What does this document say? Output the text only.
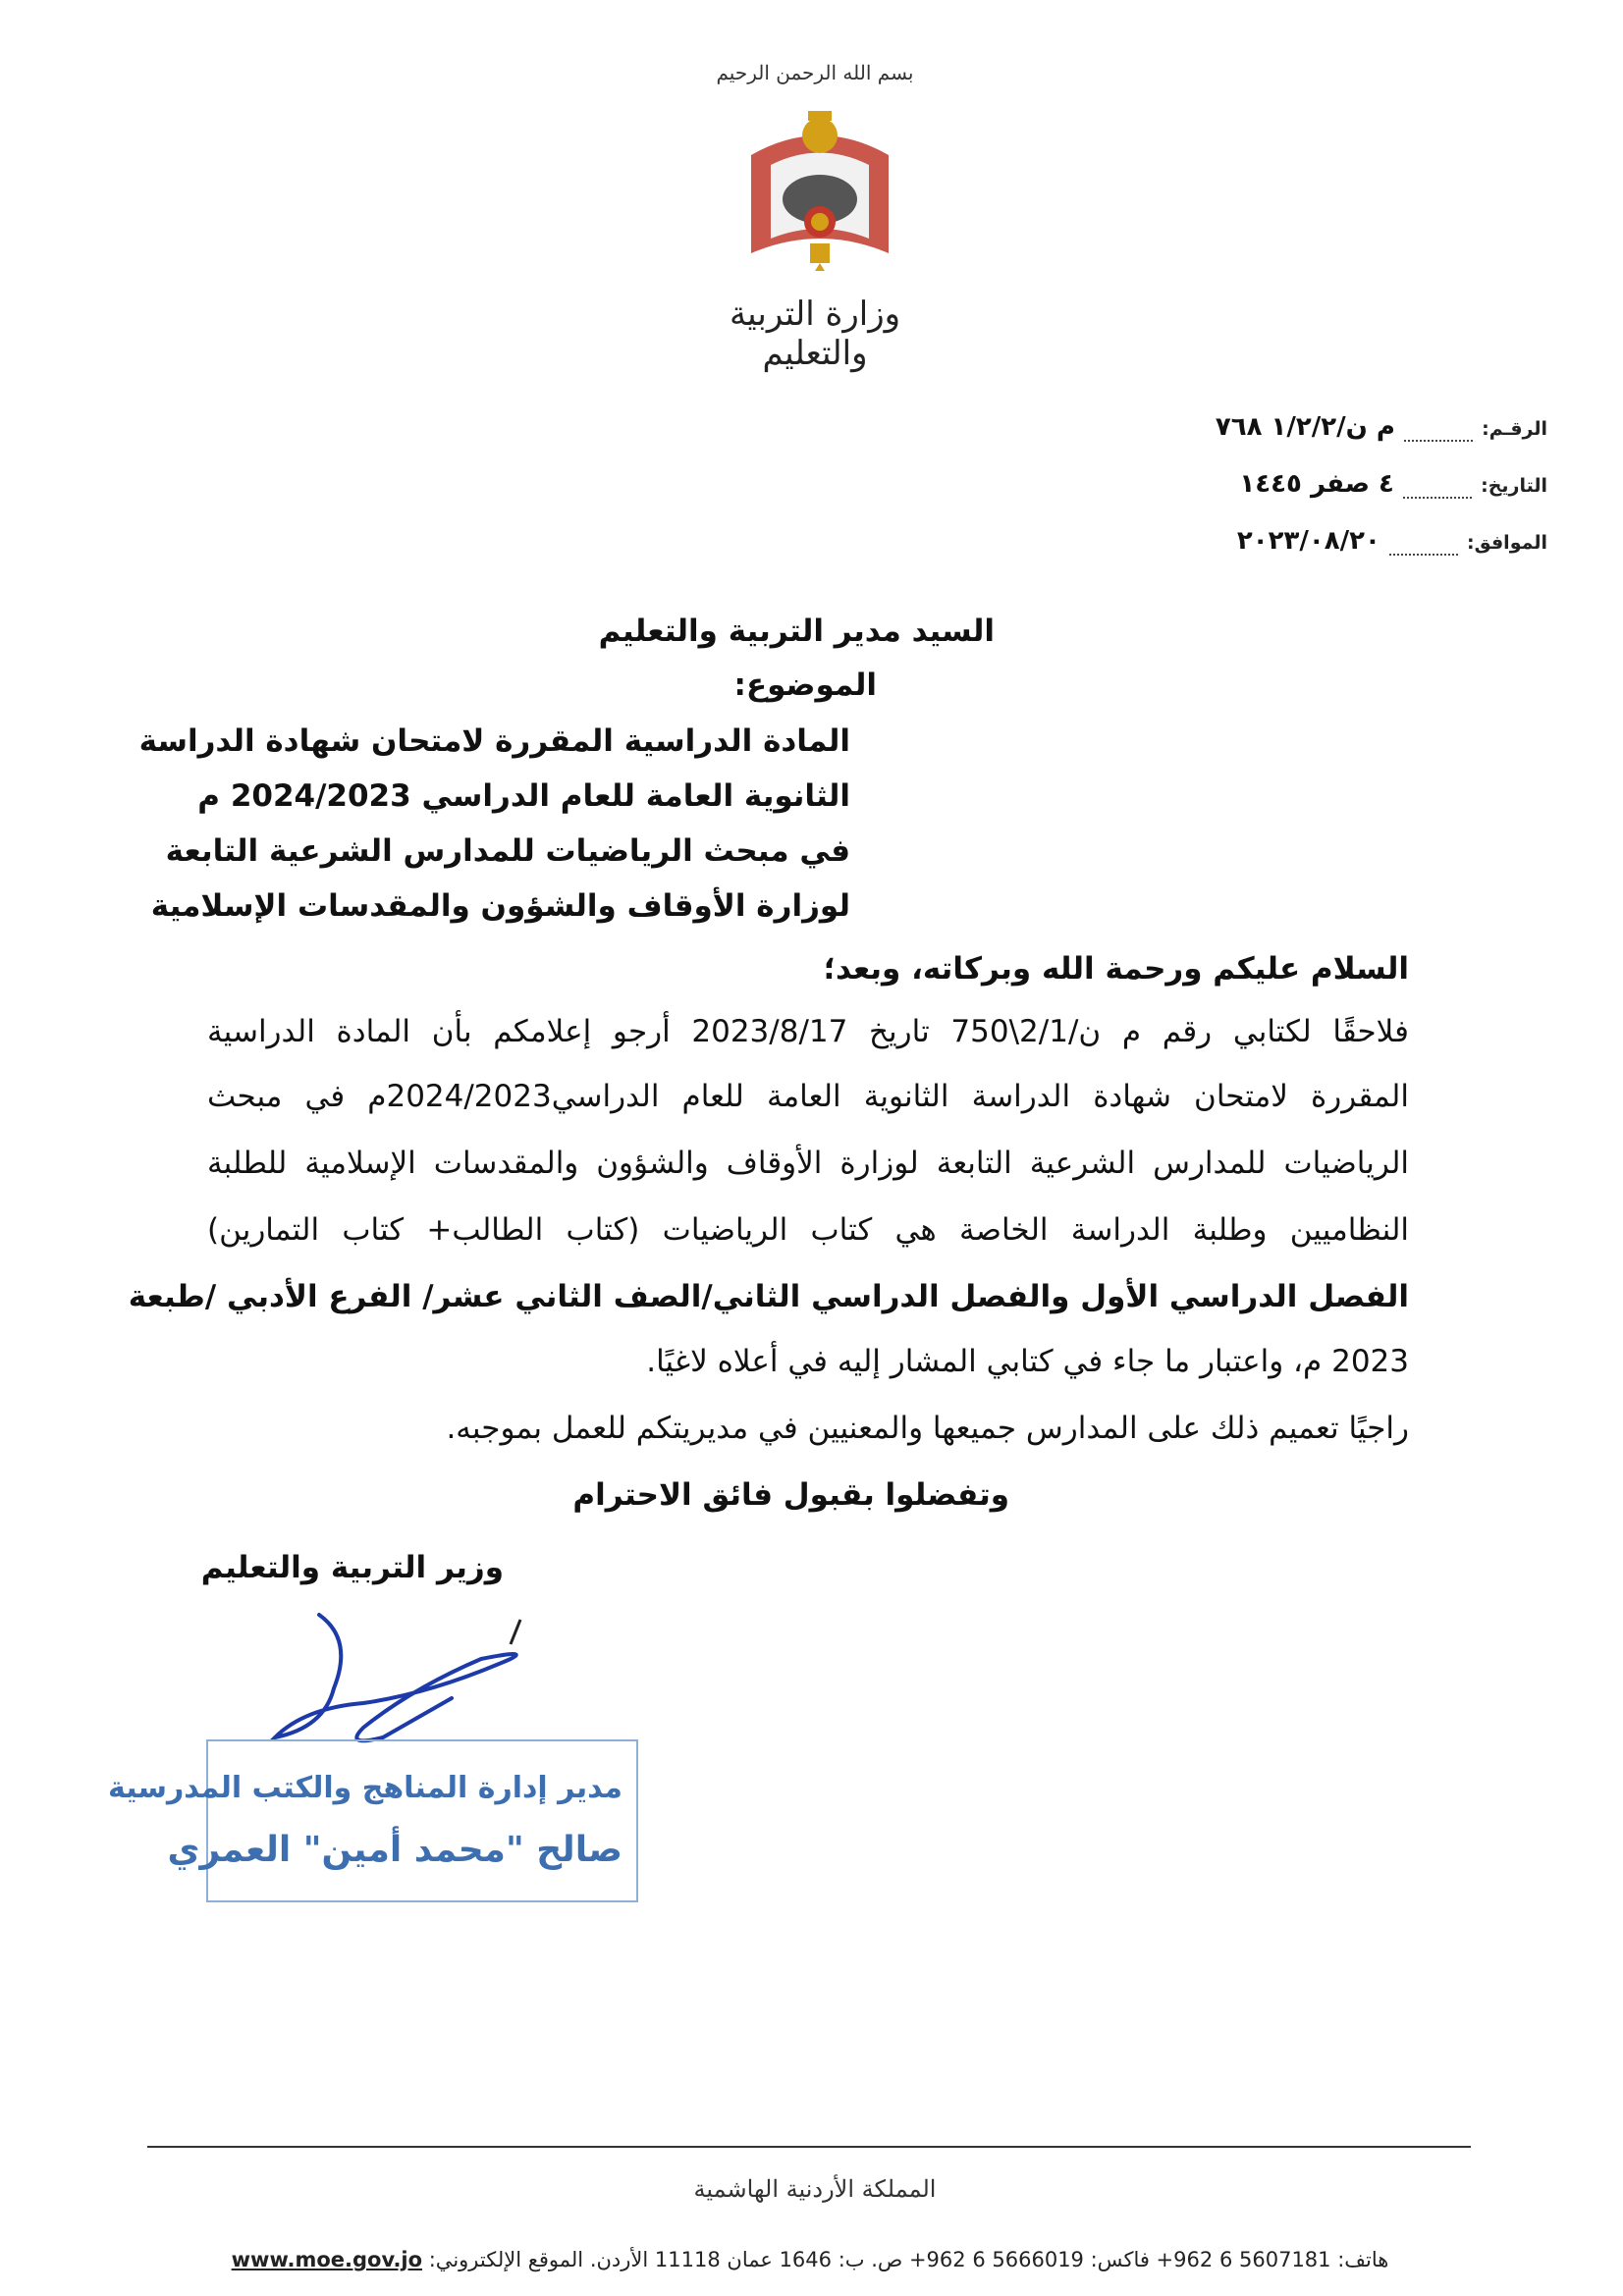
بسم الله الرحمن الرحيم
وزارة التربية والتعليم
الرقـم:  م ن/١/٢/٢ ٧٦٨
التاريخ:  ٤ صفر ١٤٤٥
الموافق:  ٢٠٢٣/٠٨/٢٠
السيد مدير التربية والتعليم
الموضوع:
المادة الدراسية المقررة لامتحان شهادة الدراسة
الثانوية العامة للعام الدراسي 2024/2023 م
في مبحث الرياضيات للمدارس الشرعية التابعة
لوزارة الأوقاف والشؤون والمقدسات الإسلامية
السلام عليكم ورحمة الله وبركاته، وبعد؛
فلاحقًا لكتابي رقم م ن/2/1\750 تاريخ 2023/8/17 أرجو إعلامكم بأن المادة الدراسية
المقررة لامتحان شهادة الدراسة الثانوية العامة للعام الدراسي2024/2023م في مبحث
الرياضيات للمدارس الشرعية التابعة لوزارة الأوقاف والشؤون والمقدسات الإسلامية للطلبة
النظاميين وطلبة الدراسة الخاصة هي كتاب الرياضيات (كتاب الطالب+ كتاب التمارين)
الفصل الدراسي الأول والفصل الدراسي الثاني/الصف الثاني عشر/ الفرع الأدبي /طبعة
2023 م، واعتبار ما جاء في كتابي المشار إليه في أعلاه لاغيًا.
راجيًا تعميم ذلك على المدارس جميعها والمعنيين في مديريتكم للعمل بموجبه.
وتفضلوا بقبول فائق الاحترام
وزير التربية والتعليم
مدير إدارة المناهج والكتب المدرسية
صالح "محمد أمين" العمري
المملكة الأردنية الهاشمية
هاتف: 5607181 6 962+ فاكس: 5666019 6 962+ ص. ب: 1646 عمان 11118 الأردن. الموقع الإلكتروني: www.moe.gov.jo
